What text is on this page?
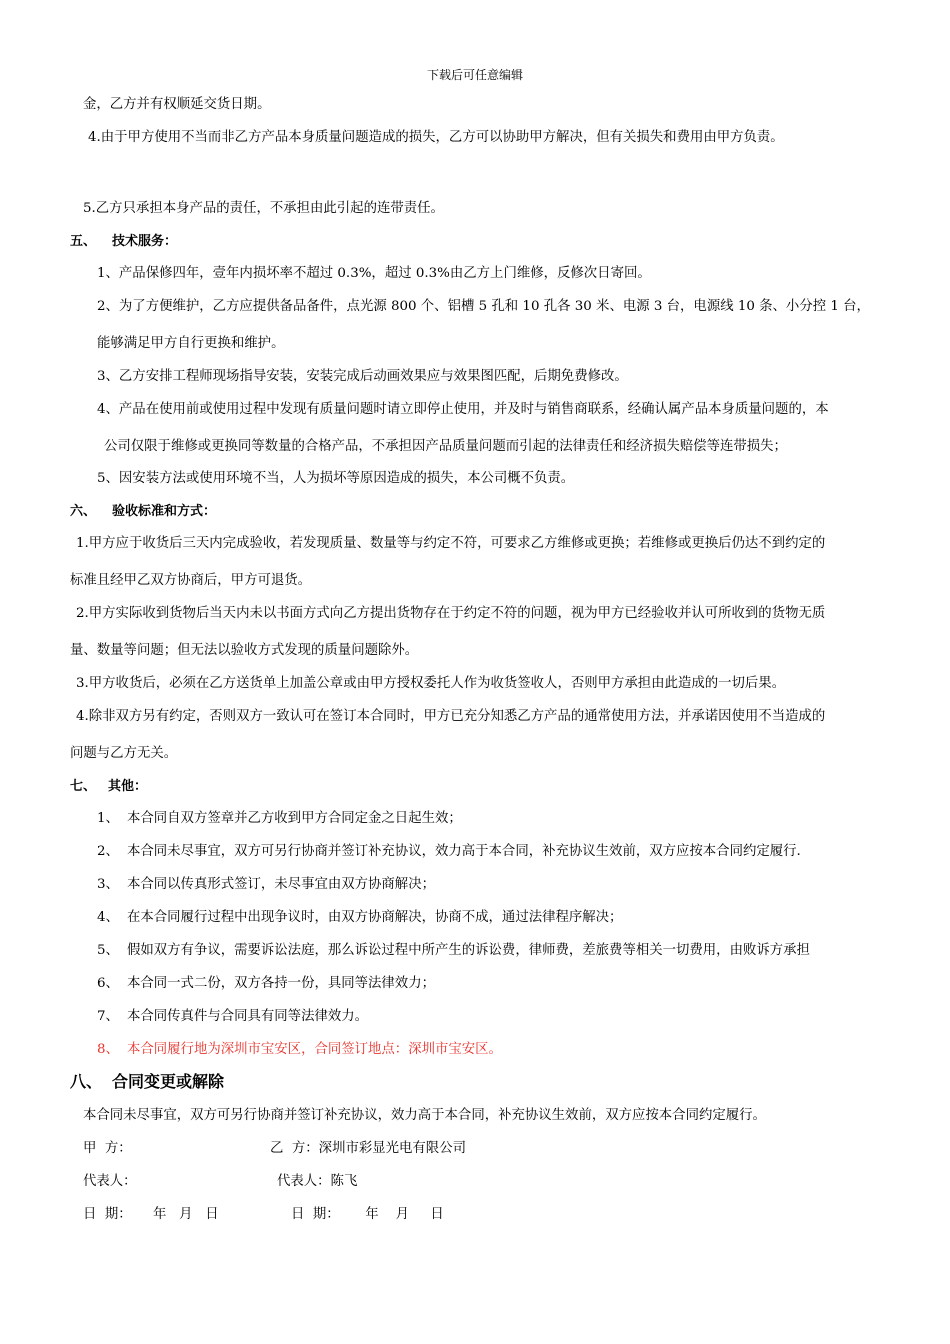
下载后可任意编辑
金，乙方并有权顺延交货日期。
4.由于甲方使用不当而非乙方产品本身质量问题造成的损失，乙方可以协助甲方解决，但有关损失和费用由甲方负责。
5.乙方只承担本身产品的责任，不承担由此引起的连带责任。
五、 技术服务：
1、产品保修四年，壹年内损坏率不超过 0.3%，超过 0.3%由乙方上门维修，反修次日寄回。
2、为了方便维护，乙方应提供备品备件，点光源 800 个、铝槽 5 孔和 10 孔各 30 米、电源 3 台，电源线 10 条、小分控 1 台，
能够满足甲方自行更换和维护。
3、乙方安排工程师现场指导安装，安装完成后动画效果应与效果图匹配，后期免费修改。
4、产品在使用前或使用过程中发现有质量问题时请立即停止使用，并及时与销售商联系，经确认属产品本身质量问题的，本
公司仅限于维修或更换同等数量的合格产品，不承担因产品质量问题而引起的法律责任和经济损失赔偿等连带损失；
5、因安装方法或使用环境不当，人为损坏等原因造成的损失，本公司概不负责。
六、 验收标准和方式：
1.甲方应于收货后三天内完成验收，若发现质量、数量等与约定不符，可要求乙方维修或更换；若维修或更换后仍达不到约定的
标准且经甲乙双方协商后，甲方可退货。
2.甲方实际收到货物后当天内未以书面方式向乙方提出货物存在于约定不符的问题，视为甲方已经验收并认可所收到的货物无质
量、数量等问题；但无法以验收方式发现的质量问题除外。
3.甲方收货后，必须在乙方送货单上加盖公章或由甲方授权委托人作为收货签收人，否则甲方承担由此造成的一切后果。
4.除非双方另有约定，否则双方一致认可在签订本合同时，甲方已充分知悉乙方产品的通常使用方法，并承诺因使用不当造成的
问题与乙方无关。
七、 其他：
1、 本合同自双方签章并乙方收到甲方合同定金之日起生效；
2、 本合同未尽事宜，双方可另行协商并签订补充协议，效力高于本合同，补充协议生效前，双方应按本合同约定履行.
3、 本合同以传真形式签订，未尽事宜由双方协商解决；
4、 在本合同履行过程中出现争议时，由双方协商解决，协商不成，通过法律程序解决；
5、 假如双方有争议，需要诉讼法庭，那么诉讼过程中所产生的诉讼费，律师费，差旅费等相关一切费用，由败诉方承担
6、 本合同一式二份，双方各持一份，具同等法律效力；
7、 本合同传真件与合同具有同等法律效力。
8、 本合同履行地为深圳市宝安区，合同签订地点：深圳市宝安区。
八、 合同变更或解除
本合同未尽事宜，双方可另行协商并签订补充协议，效力高于本合同，补充协议生效前，双方应按本合同约定履行。
甲  方：	乙  方：深圳市彩显光电有限公司
代表人：	代表人：陈飞
日  期：     年   月   日	日  期：      年    月     日
